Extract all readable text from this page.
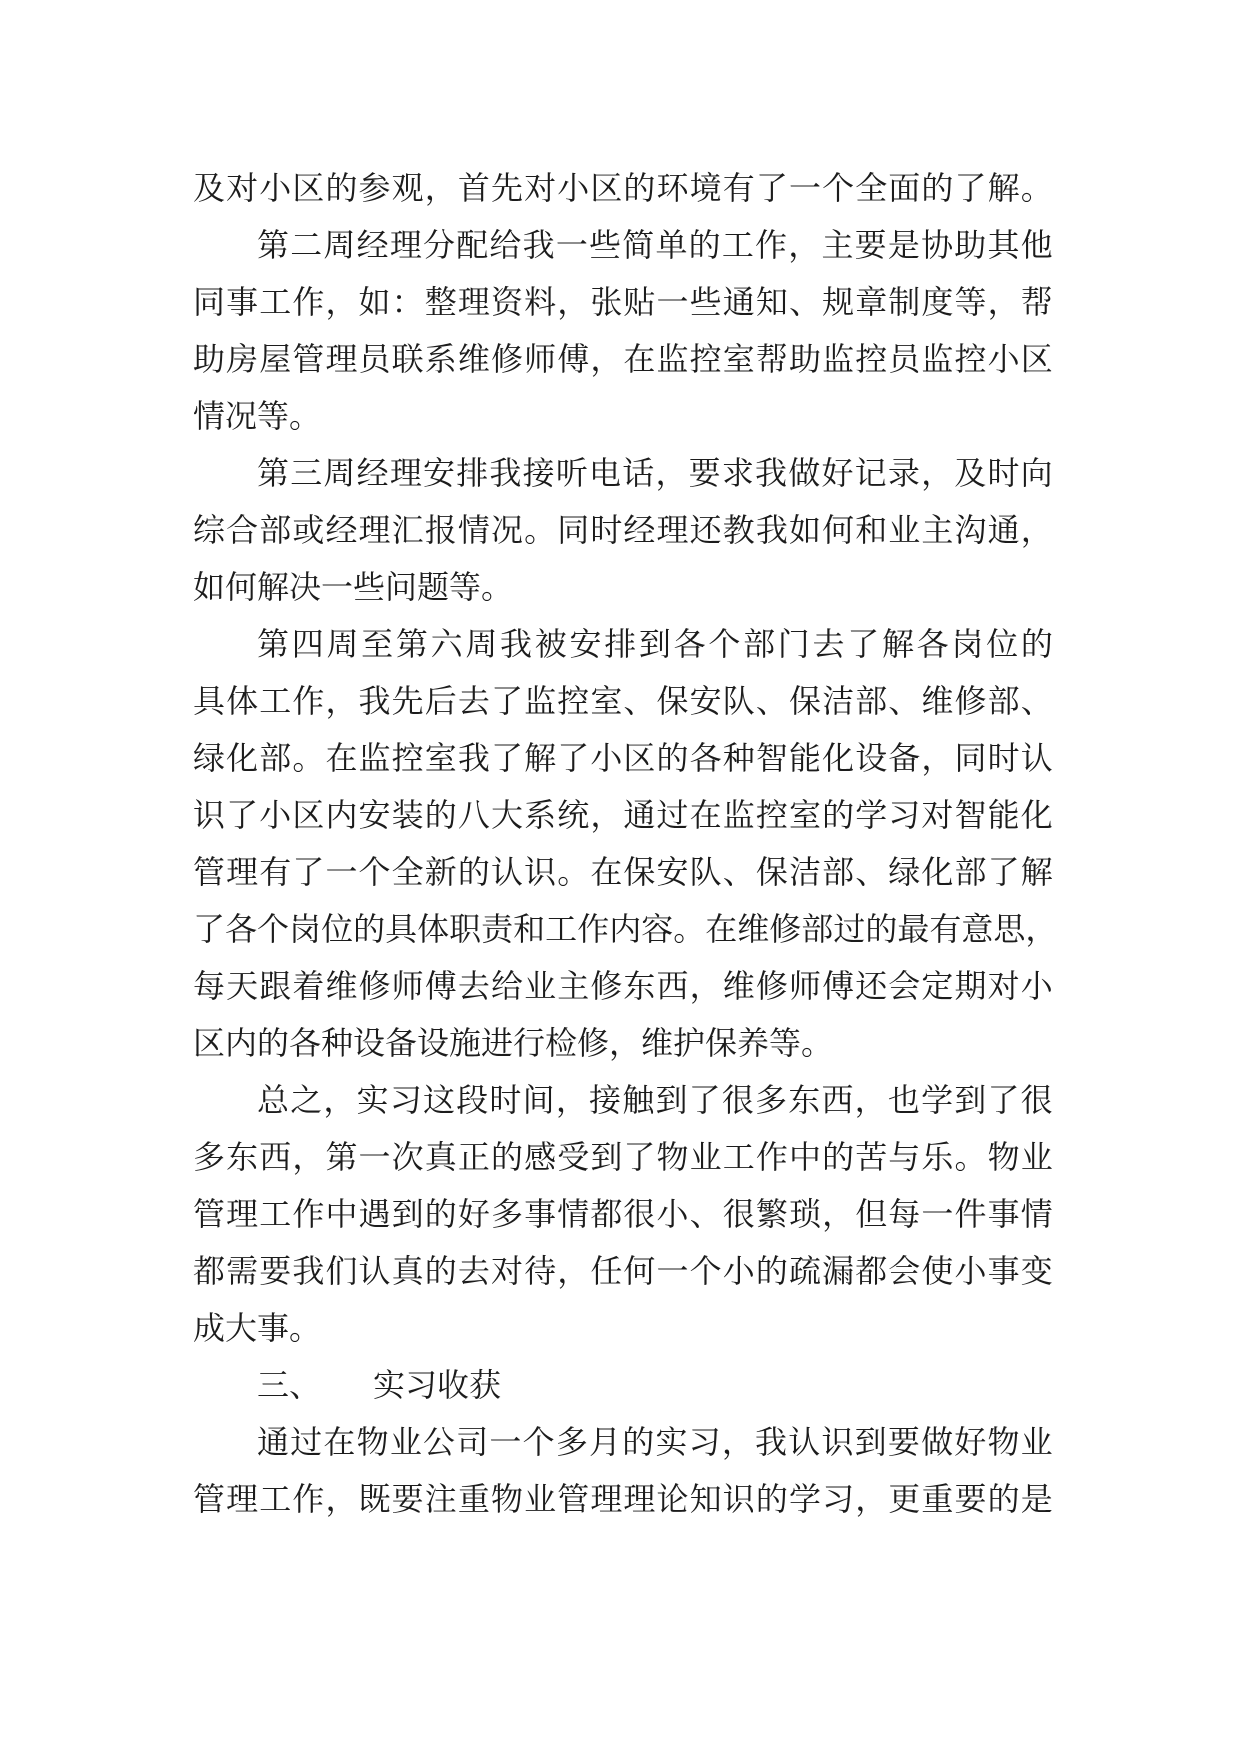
及 对 小 区 的 参 观 ， 首 先 对 小 区 的 环 境 有 了 一 个 全 面 的 了 解 。
第 二 周 经 理 分 配 给 我 一 些 简 单 的 工 作 ， 主 要 是 协 助 其 他
同 事 工 作 ， 如 ： 整 理 资 料 ， 张 贴 一 些 通 知 、 规 章 制 度 等 ， 帮
助 房 屋 管 理 员 联 系 维 修 师 傅 ， 在 监 控 室 帮 助 监 控 员 监 控 小 区
情况等。
第 三 周 经 理 安 排 我 接 听 电 话 ， 要 求 我 做 好 记 录 ， 及 时 向
综 合 部 或 经 理 汇 报 情 况 。 同 时 经 理 还 教 我 如 何 和 业 主 沟 通 ，
如何解决一些问题等。
第 四 周 至 第 六 周 我 被 安 排 到 各 个 部 门 去 了 解 各 岗 位 的
具 体 工 作 ， 我 先 后 去 了 监 控 室 、 保 安 队 、 保 洁 部 、 维 修 部 、
绿 化 部 。 在 监 控 室 我 了 解 了 小 区 的 各 种 智 能 化 设 备 ， 同 时 认
识 了 小 区 内 安 装 的 八 大 系 统 ， 通 过 在 监 控 室 的 学 习 对 智 能 化
管 理 有 了 一 个 全 新 的 认 识 。 在 保 安 队 、 保 洁 部 、 绿 化 部 了 解
了 各 个 岗 位 的 具 体 职 责 和 工 作 内 容 。 在 维 修 部 过 的 最 有 意 思 ，
每 天 跟 着 维 修 师 傅 去 给 业 主 修 东 西 ， 维 修 师 傅 还 会 定 期 对 小
区内的各种设备设施进行检修，维护保养等。
总 之 ， 实 习 这 段 时 间 ， 接 触 到 了 很 多 东 西 ， 也 学 到 了 很
多 东 西 ， 第 一 次 真 正 的 感 受 到 了 物 业 工 作 中 的 苦 与 乐 。 物 业
管 理 工 作 中 遇 到 的 好 多 事 情 都 很 小 、 很 繁 琐 ， 但 每 一 件 事 情
都 需 要 我 们 认 真 的 去 对 待 ， 任 何 一 个 小 的 疏 漏 都 会 使 小 事 变
成大事。
三、 实习收获
通 过 在 物 业 公 司 一 个 多 月 的 实 习 ， 我 认 识 到 要 做 好 物 业
管 理 工 作 ， 既 要 注 重 物 业 管 理 理 论 知 识 的 学 习 ， 更 重 要 的 是
